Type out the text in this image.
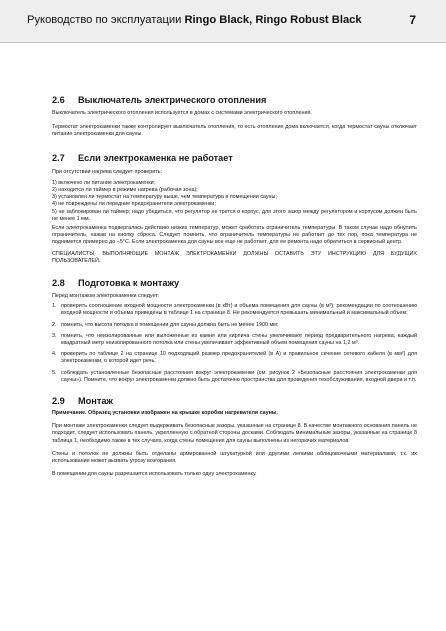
Руководство по эксплуатации Ringo Black, Ringo Robust Black	7
2.6 Выключатель электрического отопления

Выключатель электрического отопления используется в домах с системами электрического отопления.

Термостат электрокаменки также контролирует выключатель отопления, то есть отопление дома включается, когда термостат сауны отключает питание электрокаменки для сауны.

2.7 Если электрокаменка не работает

При отсутствии нагрева следует проверить:

1) включено ли питание электрокаменки;
2) находится ли таймер в режиме нагрева (рабочая зона);
3) установлен ли термостат на температуру выше, чем температура в помещении сауны;
4) не повреждены ли передние предохранители электрокаменки;
5) не заблокирован ли таймер; надо убедиться, что регулятор не трется о корпус, для этого зазор между регулятором и корпусом должен быть не менее 1 мм.

Если электрокаменка подвергалась действию низких температур, может сработать ограничитель температуры. В таком случае надо обнулить ограничитель, нажав на кнопку сброса. Следует помнить, что ограничитель температуры не работает до тех пор, пока температура не поднимется примерно до −5°С. Если электрокаменка для сауны все еще не работает, для ее ремонта надо обратиться в сервисный центр.

СПЕЦИАЛИСТЫ, ВЫПОЛНЯЮЩИЕ МОНТАЖ ЭЛЕКТРОКАМЕНКИ ДОЛЖНЫ ОСТАВИТЬ ЭТУ ИНСТРУКЦИЮ ДЛЯ БУДУЩИХ ПОЛЬЗОВАТЕЛЕЙ.

2.8 Подготовка к монтажу

Перед монтажом электрокаменки следует:

1. проверить соотношение входной мощности электрокаменки (в кВт) и объема помещения для сауны (в м³); рекомендации по соотношению входной мощности и объема приведены в таблице 1 на странице 8. Не рекомендуется превышать минимальный и максимальный объем;
2. помнить, что высота потолка в помещении для сауны должна быть не менее 1900 мм;
3. помнить, что неизолированные или выложенные из камня или кирпича стены увеличивают период предварительного нагрева; каждый квадратный метр неизолированного потолка или стены увеличивает эффективный объем помещения сауны на 1,2 м³.
4. проверить по таблице 2 на странице 10 подходящий размер предохранителей (в А) и правильное сечение сетевого кабеля (в мм²) для электрокаменки, о которой идет речь.
5. соблюдать установленные безопасные расстояния вокруг электрокаменки (см. рисунок 2 «Безопасные расстояния электрокаменки для сауны»). Помните, что вокруг электрокаменки должно быть достаточно пространства для проведения техобслуживания, входной двери и т.п.
2.9 Монтаж

Примечание. Образец установки изображен на крышке коробки нагревателя сауны.

При монтаже электрокаменки следует выдерживать безопасные зазоры, указанные на странице 8. В качестве монтажного основания панель не подходит, следует использовать панель, укрепленную с обратной стороны досками. Соблюдать минимальные зазоры, указанные на странице 8 таблица 1, необходимо также в тех случаях, когда стены помещения для сауны выполнены из негорючих материалов.

Стены и потолок не должны быть отделаны армированной штукатуркой или другими легкими облицовочными материалами, т.к. их использование может вызвать угрозу возгорания.

В помещении для сауны разрешается использовать только одну электрокаменку.
